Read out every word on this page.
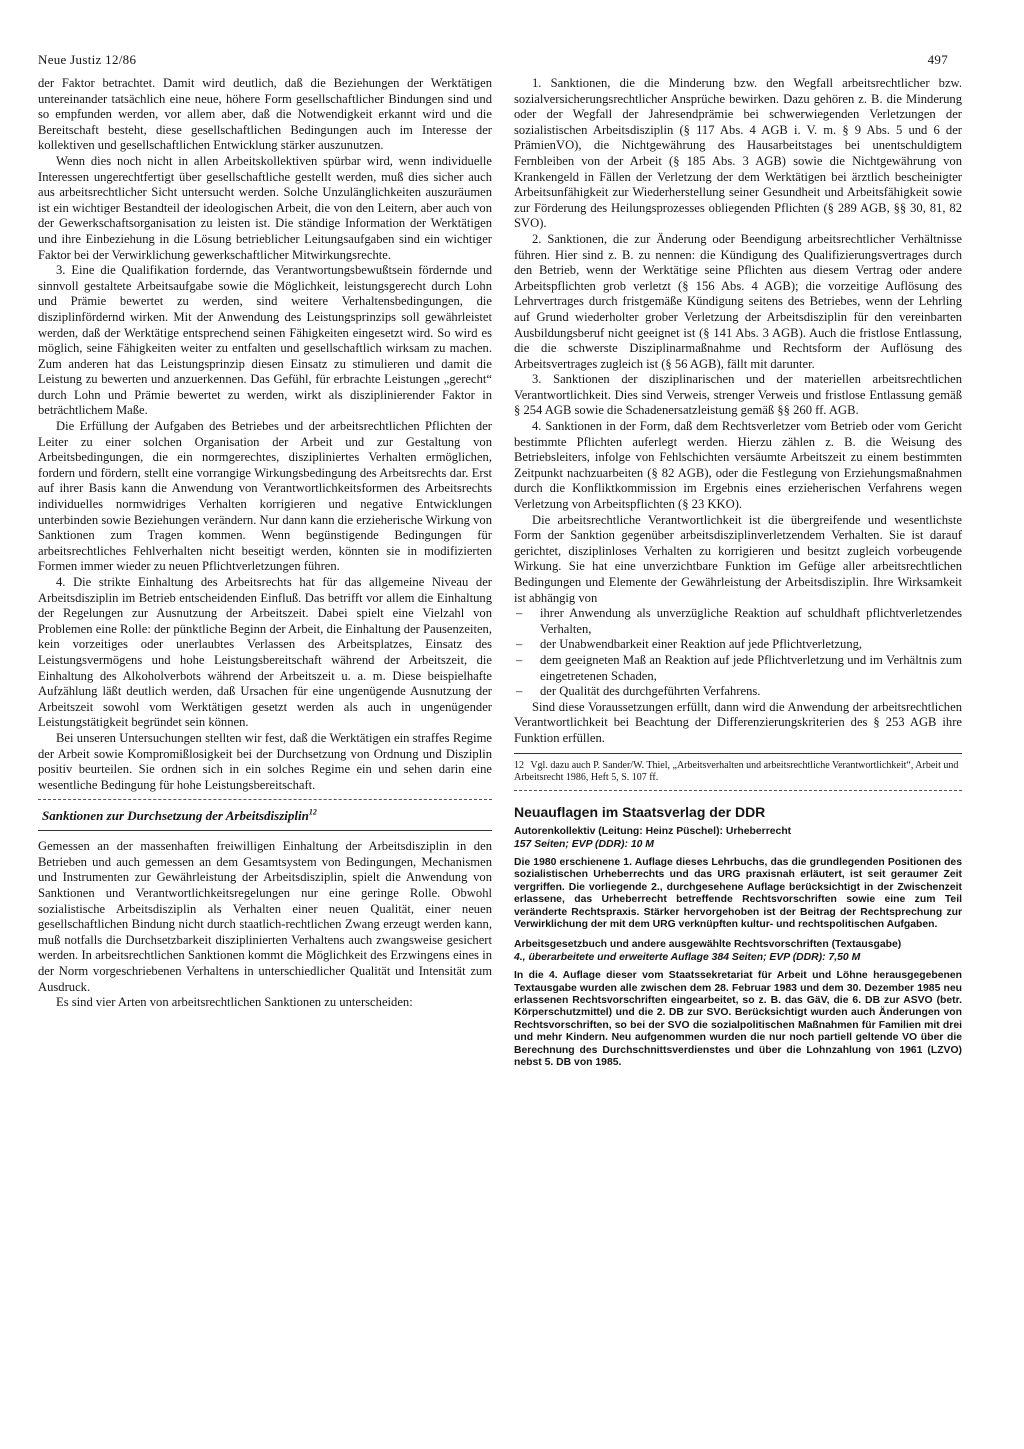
Neue Justiz 12/86	497

der Faktor betrachtet. Damit wird deutlich, daß die Beziehungen der Werktätigen untereinander tatsächlich eine neue, höhere Form gesellschaftlicher Bindungen sind und so empfunden werden, vor allem aber, daß die Notwendigkeit erkannt wird und die Bereitschaft besteht, diese gesellschaftlichen Bedingungen auch im Interesse der kollektiven und gesellschaftlichen Entwicklung stärker auszunutzen.

Wenn dies noch nicht in allen Arbeitskollektiven spürbar wird, wenn individuelle Interessen ungerechtfertigt über gesellschaftliche gestellt werden, muß dies sicher auch aus arbeitsrechtlicher Sicht untersucht werden. Solche Unzulänglichkeiten auszuräumen ist ein wichtiger Bestandteil der ideologischen Arbeit, die von den Leitern, aber auch von der Gewerkschaftsorganisation zu leisten ist. Die ständige Information der Werktätigen und ihre Einbeziehung in die Lösung betrieblicher Leitungsaufgaben sind ein wichtiger Faktor bei der Verwirklichung gewerkschaftlicher Mitwirkungsrechte.

3. Eine die Qualifikation fordernde, das Verantwortungsbewußtsein fördernde und sinnvoll gestaltete Arbeitsaufgabe sowie die Möglichkeit, leistungsgerecht durch Lohn und Prämie bewertet zu werden, sind weitere Verhaltensbedingungen, die disziplinfördernd wirken. Mit der Anwendung des Leistungsprinzips soll gewährleistet werden, daß der Werktätige entsprechend seinen Fähigkeiten eingesetzt wird. So wird es möglich, seine Fähigkeiten weiter zu entfalten und gesellschaftlich wirksam zu machen. Zum anderen hat das Leistungsprinzip diesen Einsatz zu stimulieren und damit die Leistung zu bewerten und anzuerkennen. Das Gefühl, für erbrachte Leistungen „gerecht“ durch Lohn und Prämie bewertet zu werden, wirkt als disziplinierender Faktor in beträchtlichem Maße.

Die Erfüllung der Aufgaben des Betriebes und der arbeitsrechtlichen Pflichten der Leiter zu einer solchen Organisation der Arbeit und zur Gestaltung von Arbeitsbedingungen, die ein normgerechtes, diszipliniertes Verhalten ermöglichen, fordern und fördern, stellt eine vorrangige Wirkungsbedingung des Arbeitsrechts dar. Erst auf ihrer Basis kann die Anwendung von Verantwortlichkeitsformen des Arbeitsrechts individuelles normwidriges Verhalten korrigieren und negative Entwicklungen unterbinden sowie Beziehungen verändern. Nur dann kann die erzieherische Wirkung von Sanktionen zum Tragen kommen. Wenn begünstigende Bedingungen für arbeitsrechtliches Fehlverhalten nicht beseitigt werden, könnten sie in modifizierten Formen immer wieder zu neuen Pflichtverletzungen führen.

4. Die strikte Einhaltung des Arbeitsrechts hat für das allgemeine Niveau der Arbeitsdisziplin im Betrieb entscheidenden Einfluß. Das betrifft vor allem die Einhaltung der Regelungen zur Ausnutzung der Arbeitszeit. Dabei spielt eine Vielzahl von Problemen eine Rolle: der pünktliche Beginn der Arbeit, die Einhaltung der Pausenzeiten, kein vorzeitiges oder unerlaubtes Verlassen des Arbeitsplatzes, Einsatz des Leistungsvermögens und hohe Leistungsbereitschaft während der Arbeitszeit, die Einhaltung des Alkoholverbots während der Arbeitszeit u. a. m. Diese beispielhafte Aufzählung läßt deutlich werden, daß Ursachen für eine ungenügende Ausnutzung der Arbeitszeit sowohl vom Werktätigen gesetzt werden als auch in ungenügender Leistungstätigkeit begründet sein können.

Bei unseren Untersuchungen stellten wir fest, daß die Werktätigen ein straffes Regime der Arbeit sowie Kompromißlosigkeit bei der Durchsetzung von Ordnung und Disziplin positiv beurteilen. Sie ordnen sich in ein solches Regime ein und sehen darin eine wesentliche Bedingung für hohe Leistungsbereitschaft.

Sanktionen zur Durchsetzung der Arbeitsdisziplin$^{12}$

Gemessen an der massenhaften freiwilligen Einhaltung der Arbeitsdisziplin in den Betrieben und auch gemessen an dem Gesamtsystem von Bedingungen, Mechanismen und Instrumenten zur Gewährleistung der Arbeitsdisziplin, spielt die Anwendung von Sanktionen und Verantwortlichkeitsregelungen nur eine geringe Rolle. Obwohl sozialistische Arbeitsdisziplin als Verhalten einer neuen Qualität, einer neuen gesellschaftlichen Bindung nicht durch staatlich-rechtlichen Zwang erzeugt werden kann, muß notfalls die Durchsetzbarkeit disziplinierten Verhaltens auch zwangsweise gesichert werden. In arbeitsrechtlichen Sanktionen kommt die Möglichkeit des Erzwingens eines in der Norm vorgeschriebenen Verhaltens in unterschiedlicher Qualität und Intensität zum Ausdruck.

Es sind vier Arten von arbeitsrechtlichen Sanktionen zu unterscheiden:

1. Sanktionen, die die Minderung bzw. den Wegfall arbeitsrechtlicher bzw. sozialversicherungsrechtlicher Ansprüche bewirken. Dazu gehören z. B. die Minderung oder der Wegfall der Jahresendprämie bei schwerwiegenden Verletzungen der sozialistischen Arbeitsdisziplin (§ 117 Abs. 4 AGB i. V. m. § 9 Abs. 5 und 6 der PrämienVO), die Nichtgewährung des Hausarbeitstages bei unentschuldigtem Fernbleiben von der Arbeit (§ 185 Abs. 3 AGB) sowie die Nichtgewährung von Krankengeld in Fällen der Verletzung der dem Werktätigen bei ärztlich bescheinigter Arbeitsunfähigkeit zur Wiederherstellung seiner Gesundheit und Arbeitsfähigkeit sowie zur Förderung des Heilungsprozesses obliegenden Pflichten (§ 289 AGB, §§ 30, 81, 82 SVO).

2. Sanktionen, die zur Änderung oder Beendigung arbeitsrechtlicher Verhältnisse führen. Hier sind z. B. zu nennen: die Kündigung des Qualifizierungsvertrages durch den Betrieb, wenn der Werktätige seine Pflichten aus diesem Vertrag oder andere Arbeitspflichten grob verletzt (§ 156 Abs. 4 AGB); die vorzeitige Auflösung des Lehrvertrages durch fristgemäße Kündigung seitens des Betriebes, wenn der Lehrling auf Grund wiederholter grober Verletzung der Arbeitsdisziplin für den vereinbarten Ausbildungsberuf nicht geeignet ist (§ 141 Abs. 3 AGB). Auch die fristlose Entlassung, die die schwerste Disziplinarmaßnahme und Rechtsform der Auflösung des Arbeitsvertrages zugleich ist (§ 56 AGB), fällt mit darunter.

3. Sanktionen der disziplinarischen und der materiellen arbeitsrechtlichen Verantwortlichkeit. Dies sind Verweis, strenger Verweis und fristlose Entlassung gemäß § 254 AGB sowie die Schadenersatzleistung gemäß §§ 260 ff. AGB.

4. Sanktionen in der Form, daß dem Rechtsverletzer vom Betrieb oder vom Gericht bestimmte Pflichten auferlegt werden. Hierzu zählen z. B. die Weisung des Betriebsleiters, infolge von Fehlschichten versäumte Arbeitszeit zu einem bestimmten Zeitpunkt nachzuarbeiten (§ 82 AGB), oder die Festlegung von Erziehungsmaßnahmen durch die Konfliktkommission im Ergebnis eines erzieherischen Verfahrens wegen Verletzung von Arbeitspflichten (§ 23 KKO).

Die arbeitsrechtliche Verantwortlichkeit ist die übergreifende und wesentlichste Form der Sanktion gegenüber arbeitsdisziplinverletzendem Verhalten. Sie ist darauf gerichtet, disziplinloses Verhalten zu korrigieren und besitzt zugleich vorbeugende Wirkung. Sie hat eine unverzichtbare Funktion im Gefüge aller arbeitsrechtlichen Bedingungen und Elemente der Gewährleistung der Arbeitsdisziplin. Ihre Wirksamkeit ist abhängig von

– ihrer Anwendung als unverzügliche Reaktion auf schuldhaft pflichtverletzendes Verhalten,
– der Unabwendbarkeit einer Reaktion auf jede Pflichtverletzung,
– dem geeigneten Maß an Reaktion auf jede Pflichtverletzung und im Verhältnis zum eingetretenen Schaden,
– der Qualität des durchgeführten Verfahrens.

Sind diese Voraussetzungen erfüllt, dann wird die Anwendung der arbeitsrechtlichen Verantwortlichkeit bei Beachtung der Differenzierungskriterien des § 253 AGB ihre Funktion erfüllen.

12 Vgl. dazu auch P. Sander/W. Thiel, „Arbeitsverhalten und arbeitsrechtliche Verantwortlichkeit“, Arbeit und Arbeitsrecht 1986, Heft 5, S. 107 ff.
Neuauflagen im Staatsverlag der DDR
Autorenkollektiv (Leitung: Heinz Püschel): Urheberrecht
157 Seiten; EVP (DDR): 10 M
Die 1980 erschienene 1. Auflage dieses Lehrbuchs, das die grundlegenden Positionen des sozialistischen Urheberrechts und das URG praxisnah erläutert, ist seit geraumer Zeit vergriffen. Die vorliegende 2., durchgesehene Auflage berücksichtigt in der Zwischenzeit erlassene, das Urheberrecht betreffende Rechtsvorschriften sowie eine zum Teil veränderte Rechtspraxis. Stärker hervorgehoben ist der Beitrag der Rechtsprechung zur Verwirklichung der mit dem URG verknüpften kultur- und rechtspolitischen Aufgaben.
Arbeitsgesetzbuch und andere ausgewählte Rechtsvorschriften (Textausgabe)
4., überarbeitete und erweiterte Auflage 384 Seiten; EVP (DDR): 7,50 M
In die 4. Auflage dieser vom Staatssekretariat für Arbeit und Löhne herausgegebenen Textausgabe wurden alle zwischen dem 28. Februar 1983 und dem 30. Dezember 1985 neu erlassenen Rechtsvorschriften eingearbeitet, so z. B. das GäV, die 6. DB zur ASVO (betr. Körperschutzmittel) und die 2. DB zur SVO. Berücksichtigt wurden auch Änderungen von Rechtsvorschriften, so bei der SVO die sozialpolitischen Maßnahmen für Familien mit drei und mehr Kindern. Neu aufgenommen wurden die nur noch partiell geltende VO über die Berechnung des Durchschnittsverdienstes und über die Lohnzahlung von 1961 (LZVO) nebst 5. DB von 1985.
